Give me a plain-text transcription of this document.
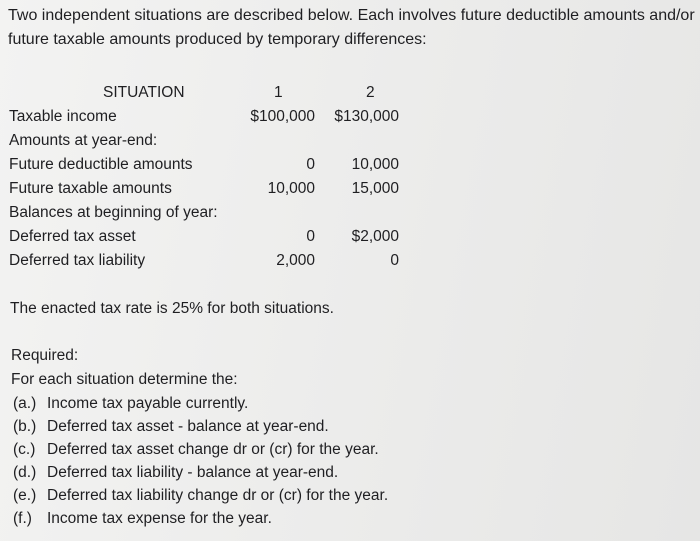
Two independent situations are described below. Each involves future deductible amounts and/or future taxable amounts produced by temporary differences:
SITUATION	1	2
Taxable income	$100,000 $130,000
Amounts at year-end:
Future deductible amounts	0 10,000
Future taxable amounts	10,000 15,000
Balances at beginning of year:
Deferred tax asset	0 $2,000
Deferred tax liability	2,000	0
The enacted tax rate is 25% for both situations.
Required:
For each situation determine the:
(a.) Income tax payable currently.
(b.) Deferred tax asset - balance at year-end.
(c.) Deferred tax asset change dr or (cr) for the year.
(d.) Deferred tax liability - balance at year-end.
(e.) Deferred tax liability change dr or (cr) for the year.
(f.) Income tax expense for the year.
